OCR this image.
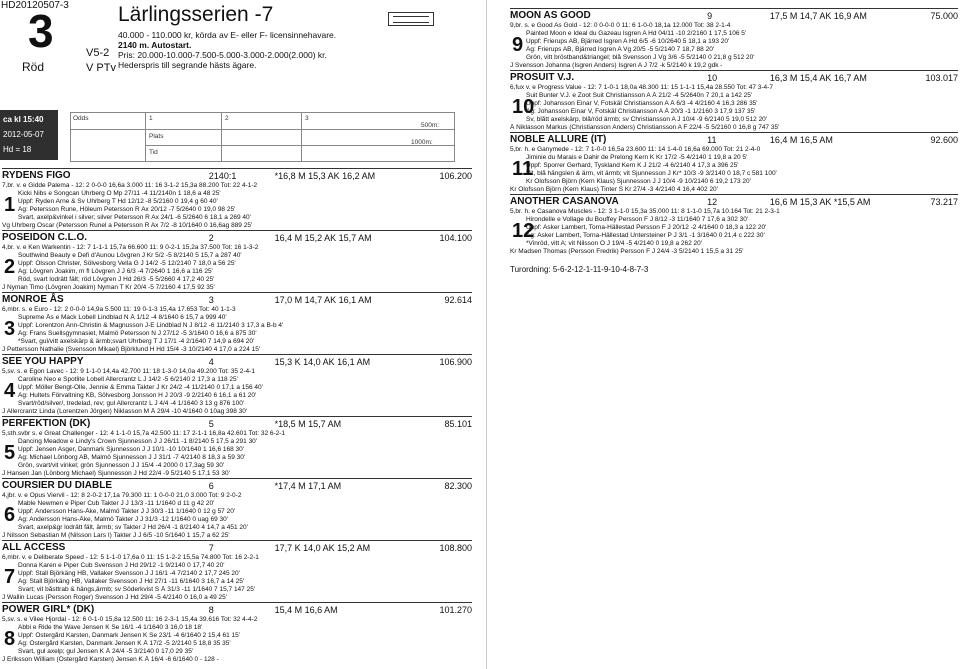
HD20120507-3
3	V5-2
V PTv
Röd
Lärlingsserien -7
40.000 - 110.000 kr, körda av E- eller F- licensinnehavare.
2140 m. Autostart.
Pris: 20.000-10.000-7.500-5.000-3.000-2.000(2.000) kr.
Hederspris till segrande hästs ägare.
ca kl 15:40
2012-05-07
Hd = 18
Odds	1	2	3
500m:
Plats
Tid
1000m:
RYDENS FIGO	2140:1	*16,8 M 15,3 AK 16,2 AM	106.200
1
7,br. v. e Gidde Palema - 12: 2 0-0-0 16,6a 3.000 11: 16 3-1-2 15,3a 88.200 Tot: 22 4-1-2
Kicki Nibs e Songcan Uhrberg O Mp 27/11 -4 11/2140n 1 18,6 a 48 25'
Uppf: Ryden Arne & Sv Uhrberg T Hd 12/12 -8 5/2160 0 19,4 g 60 40'
Äg: Petersson Rune, Höleum Petersson R Ax 20/12 -7 5/2640 0 19,0 98 25'
Svart, axelp&vinkel i silver; silver Petersson R Ax 24/1 -6 5/2640 6 18,1 a 269 40'
Vg Uhrberg Oscar (Petersson Runel a Petersson R Ax 7/2 -8 10/1640 0 16,6ag 889 25'
POSEIDON C.L.O.	2	16,4 M 15,2 AK 15,7 AM	104.100
2
4,br. v. e Ken Warkentin - 12: 7 1-1-1 15,7a 66.600 11: 9 0-2-1 15,2a 37.500 Tot: 16 1-3-2
Southwind Beauty e Defi d'Aunou Lövgren J Kr 5/2 -5 8/2140 5 15,7 a 287 40'
Uppf: Olsson Christer, Sölvesborg Vella G J 14/2 -5 12/2140 7 18,0 a 56 25'
Äg: Lövgren Joakim, m fl Lövgren J J 6/3 -4 7/2640 1 16,6 a 116 25'
Röd, svart lodrätt fält; röd Lövgren J Hd 26/3 -5 5/2660 4 17,2 40 25'
J Nyman Timo (Lövgren Joakim) Nyman T Kr 20/4 -5 7/2160 4 17,5 92 35'
MONROE ÅS	3	17,0 M 14,7 AK 16,1 AM	92.614
3
6,mbr. s. e Euro - 12: 2 0-0-0 14,9a 5.500 11: 19 0-1-3 15,4a 17.653 Tot: 40 1-1-3
Supreme Ås e Mack Lobell Lindblad N Å 1/12 -4 8/1640 6 15,7 a 999 40'
Uppf: Lorentzon Ann-Christin & Magnusson J-E Lindblad N J 8/12 -6 11/2140 3 17,3 a B-b 4'
Äg: Frans Suellsgymnasiet, Malmö Petersson N J 27/12 -5 3/1640 0 16,6 a 875 30'
*Svart, gul/vitt axelskärp & ärmb;svart Uhrberg T J 17/1 -4 2/1640 7 14,9 a 694 20'
J Pettersson Nathalie (Svensson Mikael) Björklund H Hd 15/4 -3 10/2140 4 17,0 a 224 15'
SEE YOU HAPPY	4	15,3 K 14,0 AK 16,1 AM	106.900
4
5,sv. s. e Egon Lavec - 12: 9 1-1-0 14,4a 42.700 11: 18 1-3-0 14,0a 49.200 Tot: 35 2-4-1
Caroline Neo e Spotlite Lobell Allercrantz L J 14/2 -5 6/2140 2 17,3 a 118 25'
Uppf: Möller Bengt-Olle, Jennie & Emma Takter J Kr 24/2 -4 11/2140 0 17,1 a 156 40'
Äg: Hultets Förvaltning KB, Sölvesborg Jonsson H J 20/3 -9 2/2140 6 16,1 a 61 20'
Svart/röd/silver/, tredelad, rev; gul Allercrantz L J 4/4 -4 1/1640 3 13 g 876 100'
J Allercrantz Linda (Lorentzen Jörgen) Niklasson M Å 29/4 -10 4/1640 0 10ag 398 30'
PERFEKTION (DK)	5	*18,5 M 15,7 AM	85.101
5
5,sth.svbr s. e Great Challenger - 12: 4 1-1-0 15,7a 42.500 11: 17 2-1-1 16,8a 42.601 Tot: 32 6-2-1
Dancing Meadow e Lindy's Crown Sjunnesson J J 26/11 -1 8/2140 5 17,5 a 291 30'
Uppf: Jensen Asger, Danmark Sjunnesson J J 10/1 -10 10/1640 1 16,6 168 30'
Äg: Michael Lönborg AB, Malmö Sjunnesson J J 31/1 -7 4/2140 8 18,3 a 59 30'
Grön, svart/vit vinkel; grön Sjunnesson J J 15/4 -4 2000 0 17,3ag 59 30'
J Hansen Jan (Lönborg Michael) Sjunnesson J Hd 22/4 -9 5/2140 5 17,1 53 30'
COURSIER DU DIABLE	6	*17,4 M 17,1 AM	82.300
6
4,jbr. v. e Opus Viervil - 12: 8 2-0-2 17,1a 79.300 11: 1 0-0-0 21,0 3.000 Tot: 9 2-0-2
Mable Newmen e Piper Cub Takter J J 13/3 -11 1/1640 d 11 g 42 20'
Uppf: Andersson Hans-Åke, Malmö Takter J J 30/3 -11 1/1640 0 12 g 57 20'
Äg: Andersson Hans-Åke, Malmö Takter J J 31/3 -12 1/1640 0 uag 69 30'
Svart, axelp&gr lodrätt fält, ärmb; sv Takter J Hd 26/4 -1 8/2140 4 14,7 a 451 20'
J Nilsson Sebastian M (Nilsson Lars I) Takter J J 6/5 -10 5/1640 1 15,7 a 62 25'
ALL ACCESS	7	17,7 K 14,0 AK 15,2 AM	108.800
7
6,mbr. v. e Deliberate Speed - 12: 5 1-1-0 17,6a 0 11: 15 1-2-2 15,5a 74.800 Tot: 16 2-2-1
Donna Karen e Piper Cub Svensson J Hd 29/12 -1 9/2140 0 17,7 40 20'
Uppf: Stall Björkäng HB, Vallaker Svensson J J 16/1 -4 7/2140 2 17,7 245 20'
Äg: Stall Björkäng HB, Vallaker Svensson J Hd 27/1 -11 6/1640 3 16,7 a 14 25'
Svart; vit båsttrab & hängs,ärmb; sv Söderkvist S Å 31/3 -11 1/1640 7 15,7 147 25'
J Wallin Lucas (Persson Roger) Svensson J Hd 29/4 -5 4/2140 0 16,0 a 49 25'
POWER GIRL* (DK)	8	15,4 M 16,6 AM	101.270
8
5,sv. s. e Vilee Hjordal - 12: 6 0-1-0 15,8a 12.500 11: 16 2-3-1 15,4a 39.616 Tot: 32 4-4-2
Abbi e Ride the Wave Jensen K Se 16/1 -4 1/1640 3 16,0 18 18'
Uppf: Östergård Karsten, Danmark Jensen K Se 23/1 -4 6/1640 2 15,4 61 15'
Äg: Östergård Karsten, Danmark Jensen K Å 17/2 -5 2/2140 5 18,8 35 35'
Svart, gul axelp; gul Jensen K Å 24/4 -5 3/2140 0 17,0 29 35'
J Eriksson William (Östergård Karsten) Jensen K Å 16/4 -6 6/1640 0 - 128 -
MOON AS GOOD	9	17,5 M 14,7 AK 16,9 AM	75.000
9
9,br. s. e Good As Gold - 12: 0 0-0-0 0 11: 6 1-0-0 18,1a 12.000 Tot: 38 2-1-4
Painted Moon e Ideal du Gazeau Isgren A Hd 04/11 -10 2/2160 1 17,5 106 5'
Uppf: Frierups AB, Bjärred Isgren A Hd 6/5 -6 10/2640 5 18,1 a 193 20'
Äg: Frierups AB, Bjärred Isgren A Vg 20/5 -5 5/2140 7 18,7 88 20'
Grön, vitt bröstband&triangel; blå Svensson J Vg 3/6 -5 5/2140 0 21,8 g 512 20'
J Svensson Johanna (Isgren Anders) Isgren A J 7/2 -k 5/2140 k 19,2 gdk -
PROSUIT V.J.	10	16,3 M 15,4 AK 16,7 AM	103.017
10
6,fux v. e Progress Value - 12: 7 1-0-1 18,0a 48.300 11: 15 1-1-1 15,4a 28.550 Tot: 47 3-4-7
Suit Bunter V.J. e Zoot Suit Christiansson A Å 21/2 -4 5/2640n 7 20,1 a 142 25'
Uppf: Johansson Einar V, Fotskäl Christiansson A Å 6/3 -4 4/2160 4 16,3 286 35'
Äg: Johansson Einar V, Fotskäl Christiansson A Å 20/3 -1 1/2160 3 17,9 137 35'
Sv, blått axelskärp, blå/röd ärmb; sv Christiansson A J 10/4 -9 6/2140 5 19,0 512 20'
Å Niklasson Markus (Christiansson Anders) Christiansson A F 22/4 -5 5/2160 0 16,8 g 747 35'
NOBLE ALLURE (IT)	11	16,4 M 16,5 AM	92.600
11
5,br. h. e Ganymede - 12: 7 1-0-0 16,5a 23.600 11: 14 1-4-0 16,6a 69.000 Tot: 21 2-4-0
Jiminie du Marais e Dahir de Prelong Kern K Kr 17/2 -5 4/2140 1 19,8 a 20 5'
Uppf: Sporrer Gerhard, Tyskland Kern K J 21/2 -4 6/2140 4 17,3 a 396 25'
Vit, blå hängslen & ärm, vit ärmb; vit Sjunnesson J Kr* 10/3 -9 3/2140 0 18,7 c 581 100'
Kr Olofsson Björn (Kern Klaus) Sjunnesson J J 10/4 -9 10/2140 6 19,2 173 20'
Kr Olofsson Björn (Kern Klaus) Tinter S Kr 27/4 -3 4/2140 4 16,4 402 20'
ANOTHER CASANOVA	12	16,6 M 15,3 AK *15,5 AM	73.217
12
5,br. h. e Casanova Muscles - 12: 3 1-1-0 15,3a 35.000 11: 8 1-1-0 15,7a 10.164 Tot: 21 2-3-1
Hirondelle e Vollage du Bouffey Persson F J 8/12 -3 11/1640 7 17,6 a 302 30'
Uppf: Asker Lambert, Torna-Hällestad Persson F J 20/12 -2 4/1640 0 18,3 a 122 20'
Äg: Asker Lambert, Torna-Hällestad Untersteiner P J 3/1 -1 3/1640 0 21,4 c 222 30'
*Vinröd, vitt A; vit Nilsson O J 19/4 -5 4/2140 0 19,8 a 262 20'
Kr Madsen Thomas (Persson Fredrik) Persson F J 24/4 -3 5/2140 1 15,5 a 31 25'
Turordning: 5-6-2-12-1-11-9-10-4-8-7-3
